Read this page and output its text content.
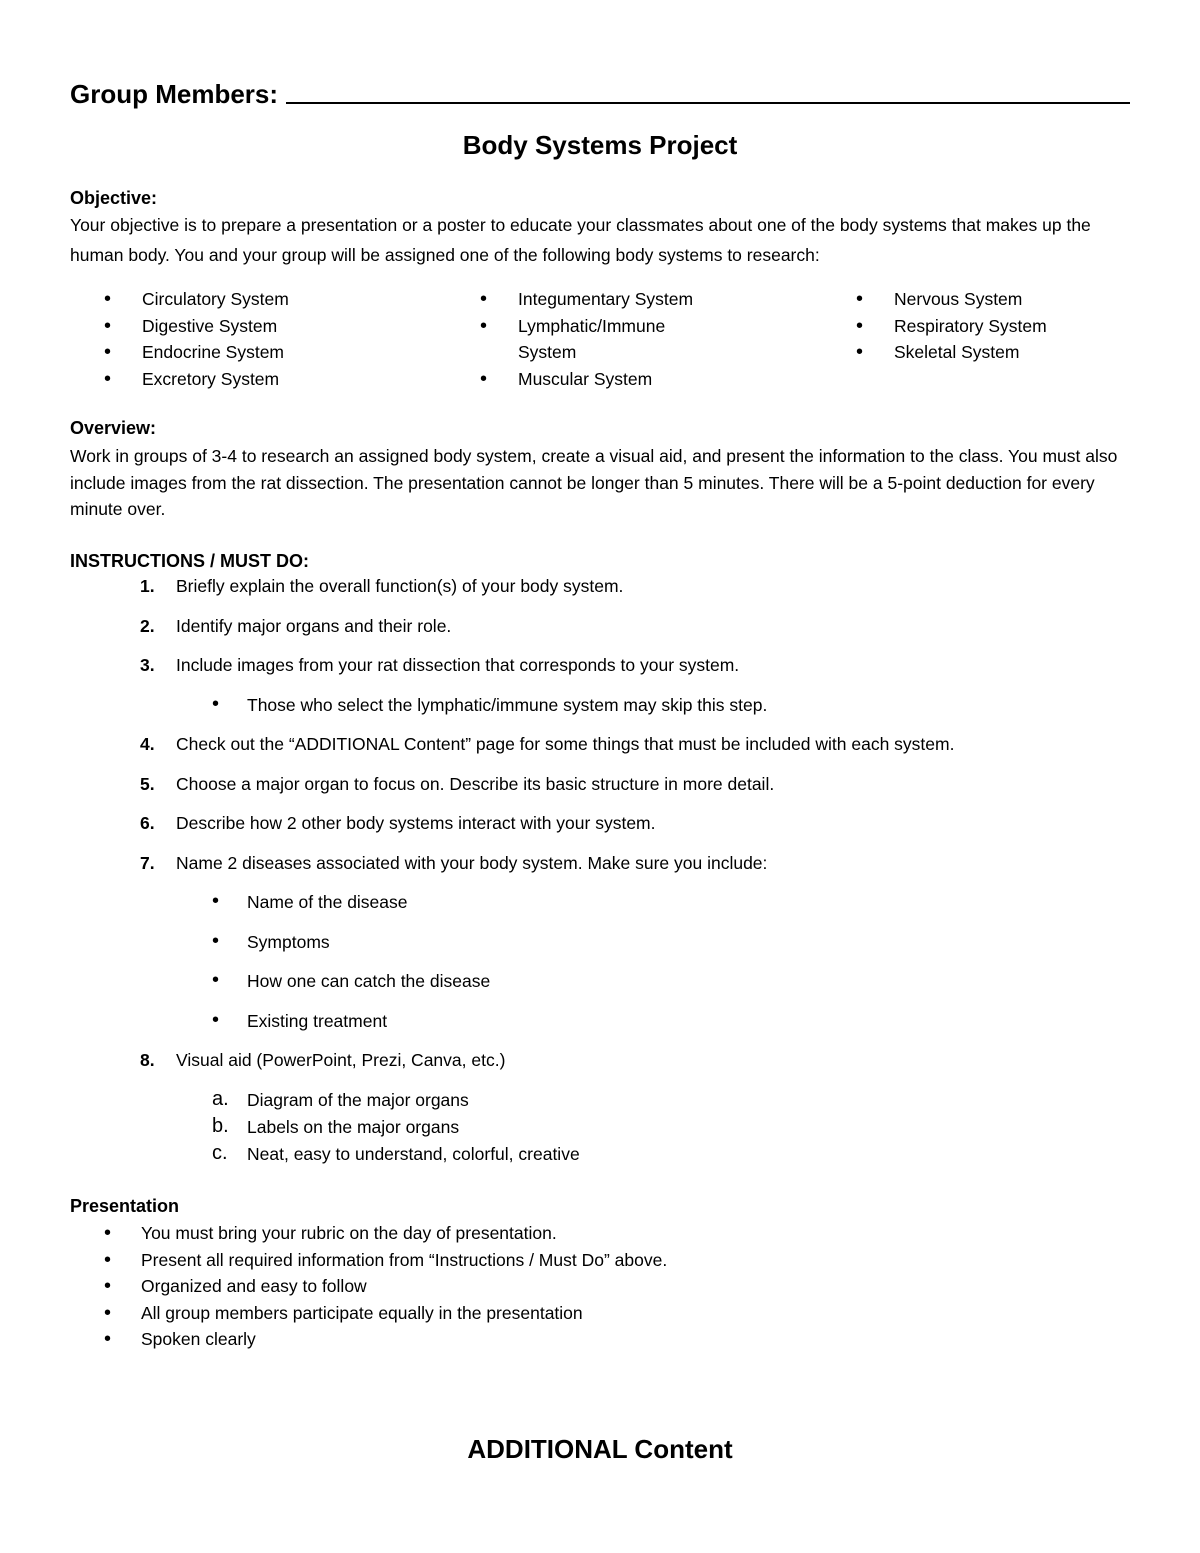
Group Members:
Body Systems Project
Objective:
Your objective is to prepare a presentation or a poster to educate your classmates about one of the body systems that makes up the human body. You and your group will be assigned one of the following body systems to research:
• Circulatory System
• Digestive System
• Endocrine System
• Excretory System
• Integumentary System
• Lymphatic/Immune System
• Muscular System
• Nervous System
• Respiratory System
• Skeletal System
Overview:
Work in groups of 3-4 to research an assigned body system, create a visual aid, and present the information to the class. You must also include images from the rat dissection. The presentation cannot be longer than 5 minutes. There will be a 5-point deduction for every minute over.
INSTRUCTIONS / MUST DO:
1. Briefly explain the overall function(s) of your body system.
2. Identify major organs and their role.
3. Include images from your rat dissection that corresponds to your system.
• Those who select the lymphatic/immune system may skip this step.
4. Check out the “ADDITIONAL Content” page for some things that must be included with each system.
5. Choose a major organ to focus on. Describe its basic structure in more detail.
6. Describe how 2 other body systems interact with your system.
7. Name 2 diseases associated with your body system. Make sure you include:
• Name of the disease
• Symptoms
• How one can catch the disease
• Existing treatment
8. Visual aid (PowerPoint, Prezi, Canva, etc.)
a. Diagram of the major organs
b. Labels on the major organs
c. Neat, easy to understand, colorful, creative
Presentation
• You must bring your rubric on the day of presentation.
• Present all required information from “Instructions / Must Do” above.
• Organized and easy to follow
• All group members participate equally in the presentation
• Spoken clearly
ADDITIONAL Content
